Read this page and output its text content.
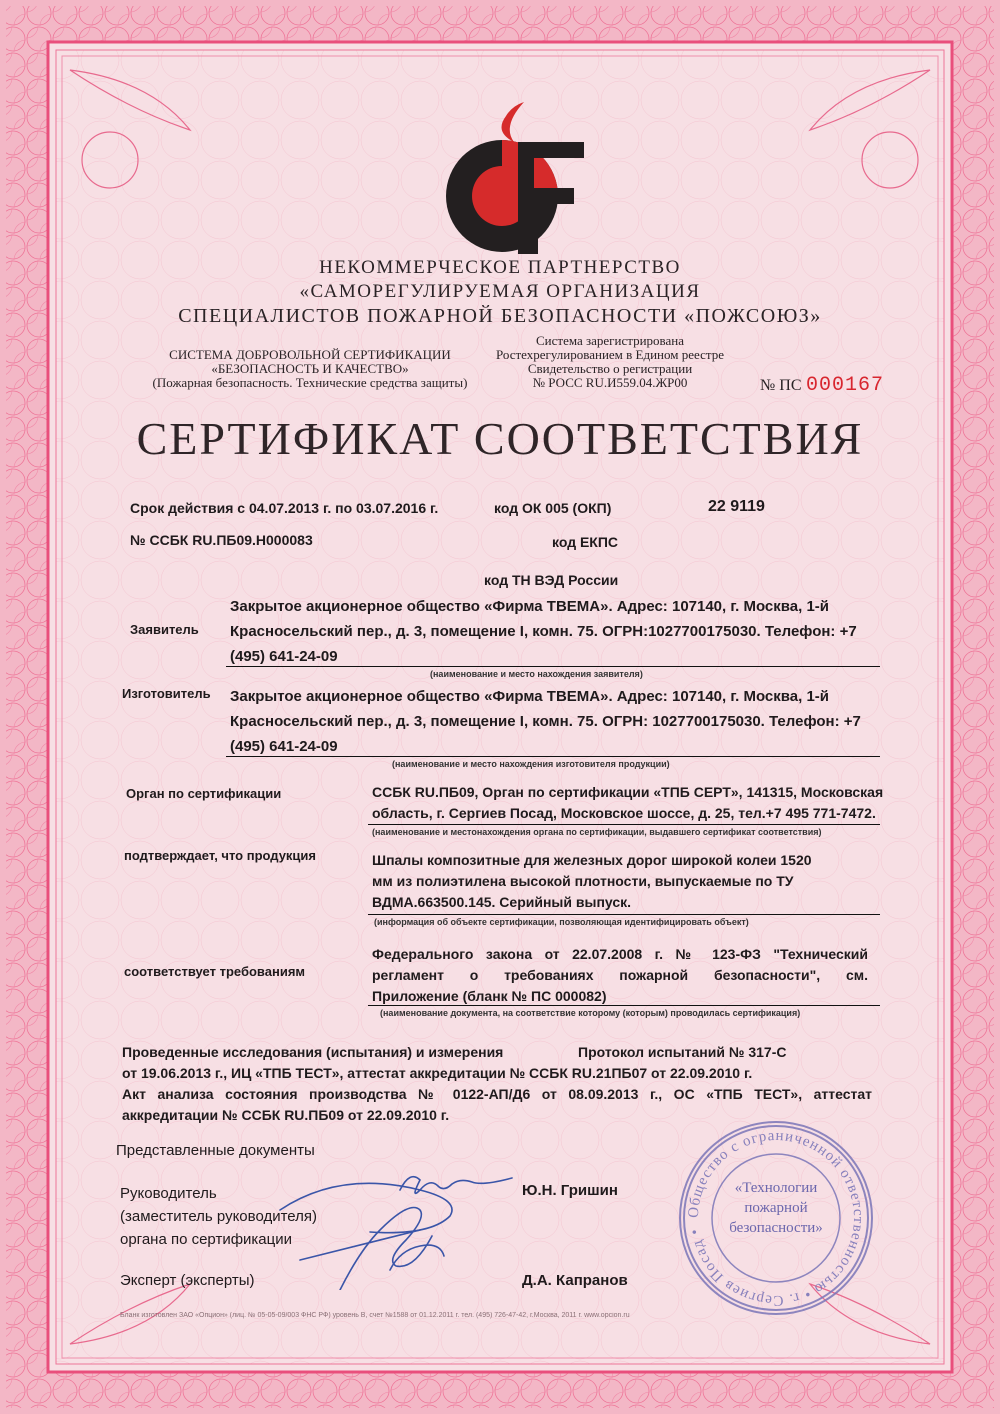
НЕКОММЕРЧЕСКОЕ ПАРТНЕРСТВО
«САМОРЕГУЛИРУЕМАЯ ОРГАНИЗАЦИЯ
СПЕЦИАЛИСТОВ ПОЖАРНОЙ БЕЗОПАСНОСТИ «ПОЖСОЮЗ»
СИСТЕМА ДОБРОВОЛЬНОЙ СЕРТИФИКАЦИИ
«БЕЗОПАСНОСТЬ И КАЧЕСТВО»
(Пожарная безопасность. Технические средства защиты)
Система зарегистрирована
Ростехрегулированием в Едином реестре
Свидетельство о регистрации
№ РОСС RU.И559.04.ЖР00	№ ПС 000167
СЕРТИФИКАТ СООТВЕТСТВИЯ
Срок действия с 04.07.2013 г. по 03.07.2016 г.	код ОК 005 (ОКП)	22 9119
№ ССБК RU.ПБ09.Н000083	код ЕКПС
код ТН ВЭД России
Заявитель
Закрытое акционерное общество «Фирма ТВЕМА». Адрес: 107140, г. Москва, 1-й
Красносельский пер., д. 3, помещение I, комн. 75. ОГРН:1027700175030. Телефон: +7
(495) 641-24-09
(наименование и место нахождения заявителя)
Изготовитель Закрытое акционерное общество «Фирма ТВЕМА». Адрес: 107140, г. Москва, 1-й
Красносельский пер., д. 3, помещение I, комн. 75. ОГРН: 1027700175030. Телефон: +7
(495) 641-24-09
(наименование и место нахождения изготовителя продукции)
Орган по сертификации	ССБК RU.ПБ09, Орган по сертификации «ТПБ СЕРТ», 141315, Московская
область, г. Сергиев Посад, Московское шоссе, д. 25, тел.+7 495 771-7472.
(наименование и местонахождения органа по сертификации, выдавшего сертификат соответствия)
подтверждает, что продукция	Шпалы композитные для железных дорог широкой колеи 1520
мм из полиэтилена высокой плотности, выпускаемые по ТУ
ВДМА.663500.145. Серийный выпуск.
(информация об объекте сертификации, позволяющая идентифицировать объект)
соответствует требованиям
Федерального закона от 22.07.2008 г. № 123-ФЗ "Технический
регламент о требованиях пожарной безопасности", см.
Приложение (бланк № ПС 000082)
(наименование документа, на соответствие которому (которым) проводилась сертификация)
Проведенные исследования (испытания) и измерения	Протокол испытаний № 317-С
от 19.06.2013 г., ИЦ «ТПБ ТЕСТ», аттестат аккредитации № ССБК RU.21ПБ07 от 22.09.2010 г.
Акт анализа состояния производства № 0122-АП/Д6 от 08.09.2013 г., ОС «ТПБ ТЕСТ», аттестат
аккредитации № ССБК RU.ПБ09 от 22.09.2010 г.
Представленные документы
Руководитель
(заместитель руководителя)
органа по сертификации
Ю.Н. Гришин
Эксперт (эксперты)	Д.А. Капранов
Общество с ограниченной ответственностью • г. Сергиев Посад •
«Технологии
пожарной
безопасности»
Бланк изготовлен ЗАО «Опцион» (лиц. № 05-05-09/003 ФНС РФ) уровень В, счет №1588 от 01.12.2011 г. тел. (495) 726-47-42, г.Москва, 2011 г. www.opcion.ru
